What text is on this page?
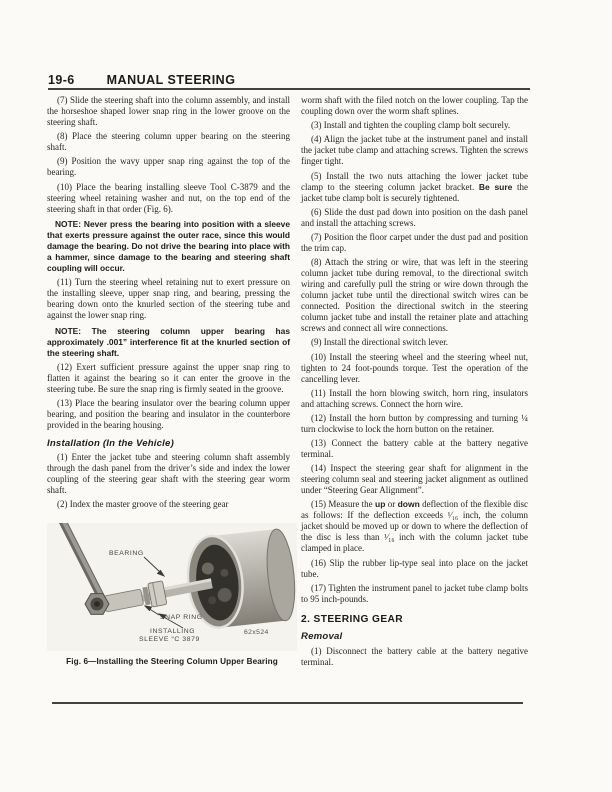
19-6	MANUAL STEERING

(7) Slide the steering shaft into the column assembly, and install the horseshoe shaped lower snap ring in the lower groove on the steering shaft.

(8) Place the steering column upper bearing on the steering shaft.

(9) Position the wavy upper snap ring against the top of the bearing.

(10) Place the bearing installing sleeve Tool C-3879 and the steering wheel retaining washer and nut, on the top end of the steering shaft in that order (Fig. 6).

NOTE: Never press the bearing into position with a sleeve that exerts pressure against the outer race, since this would damage the bearing. Do not drive the bearing into place with a hammer, since damage to the bearing and steering shaft coupling will occur.

(11) Turn the steering wheel retaining nut to exert pressure on the installing sleeve, upper snap ring, and bearing, pressing the bearing down onto the knurled section of the steering tube and against the lower snap ring.

NOTE: The steering column upper bearing has approximately .001” interference fit at the knurled section of the steering shaft.

(12) Exert sufficient pressure against the upper snap ring to flatten it against the bearing so it can enter the groove in the steering tube. Be sure the snap ring is firmly seated in the groove.

(13) Place the bearing insulator over the bearing column upper bearing, and position the bearing and insulator in the counterbore provided in the bearing housing.

Installation (In the Vehicle)

(1) Enter the jacket tube and steering column shaft assembly through the dash panel from the driver’s side and index the lower coupling of the steering gear shaft with the steering gear worm shaft.

(2) Index the master groove of the steering gear

BEARING
SNAP RING
INSTALLING
SLEEVE “C 3879
62x524
Fig. 6—Installing the Steering Column Upper Bearing

worm shaft with the filed notch on the lower coupling. Tap the coupling down over the worm shaft splines.

(3) Install and tighten the coupling clamp bolt securely.

(4) Align the jacket tube at the instrument panel and install the jacket tube clamp and attaching screws. Tighten the screws finger tight.

(5) Install the two nuts attaching the lower jacket tube clamp to the steering column jacket bracket. Be sure the jacket tube clamp bolt is securely tightened.

(6) Slide the dust pad down into position on the dash panel and install the attaching screws.

(7) Position the floor carpet under the dust pad and position the trim cap.

(8) Attach the string or wire, that was left in the steering column jacket tube during removal, to the directional switch wiring and carefully pull the string or wire down through the column jacket tube until the directional switch wires can be connected. Position the directional switch in the steering column jacket tube and install the retainer plate and attaching screws and connect all wire connections.

(9) Install the directional switch lever.

(10) Install the steering wheel and the steering wheel nut, tighten to 24 foot-pounds torque. Test the operation of the cancelling lever.

(11) Install the horn blowing switch, horn ring, insulators and attaching screws. Connect the horn wire.

(12) Install the horn button by compressing and turning ¼ turn clockwise to lock the horn button on the retainer.

(13) Connect the battery cable at the battery negative terminal.

(14) Inspect the steering gear shaft for alignment in the steering column seal and steering jacket alignment as outlined under “Steering Gear Alignment”.

(15) Measure the up or down deflection of the flexible disc as follows: If the deflection exceeds ¹⁄₁₆ inch, the column jacket should be moved up or down to where the deflection of the disc is less than ¹⁄₁₆ inch with the column jacket tube clamped in place.

(16) Slip the rubber lip-type seal into place on the jacket tube.

(17) Tighten the instrument panel to jacket tube clamp bolts to 95 inch-pounds.

2. STEERING GEAR

Removal

(1) Disconnect the battery cable at the battery negative terminal.
